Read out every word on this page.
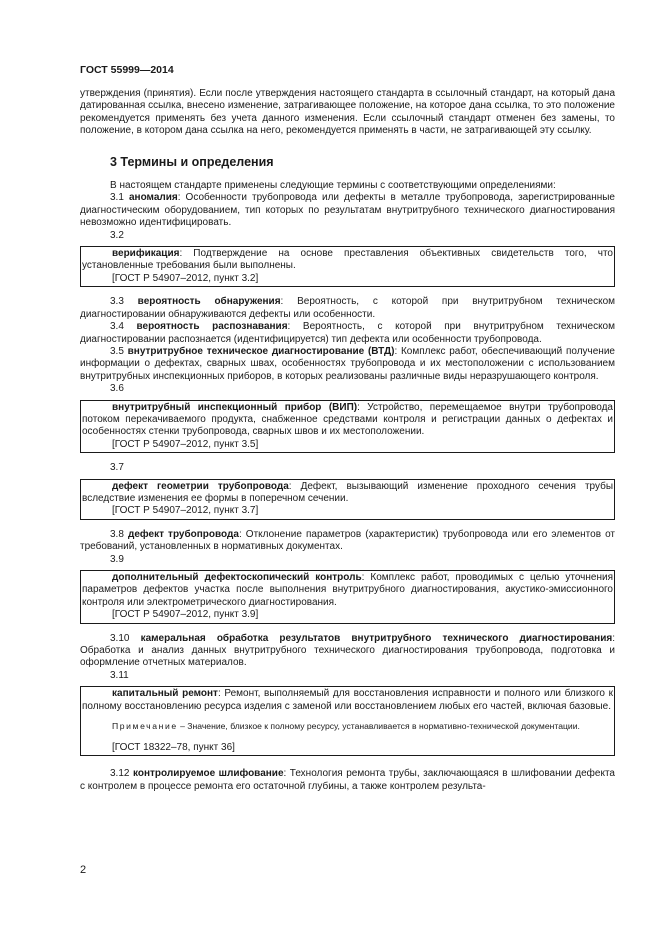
ГОСТ 55999—2014

утверждения (принятия). Если после утверждения настоящего стандарта в ссылочный стандарт, на который дана датированная ссылка, внесено изменение, затрагивающее положение, на которое дана ссылка, то это положение рекомендуется применять без учета данного изменения. Если ссылочный стандарт отменен без замены, то положение, в котором дана ссылка на него, рекомендуется применять в части, не затрагивающей эту ссылку.

3 Термины и определения

В настоящем стандарте применены следующие термины с соответствующими определениями:

3.1 аномалия: Особенности трубопровода или дефекты в металле трубопровода, зарегистрированные диагностическим оборудованием, тип которых по результатам внутритрубного технического диагностирования невозможно идентифицировать.

3.2

верификация: Подтверждение на основе преставления объективных свидетельств того, что установленные требования были выполнены.

[ГОСТ Р 54907–2012, пункт 3.2]

3.3 вероятность обнаружения: Вероятность, с которой при внутритрубном техническом диагностировании обнаруживаются дефекты или особенности.

3.4 вероятность распознавания: Вероятность, с которой при внутритрубном техническом диагностировании распознается (идентифицируется) тип дефекта или особенности трубопровода.

3.5 внутритрубное техническое диагностирование (ВТД): Комплекс работ, обеспечивающий получение информации о дефектах, сварных швах, особенностях трубопровода и их местоположении с использованием внутритрубных инспекционных приборов, в которых реализованы различные виды неразрушающего контроля.

3.6

внутритрубный инспекционный прибор (ВИП): Устройство, перемещаемое внутри трубопровода потоком перекачиваемого продукта, снабженное средствами контроля и регистрации данных о дефектах и особенностях стенки трубопровода, сварных швов и их местоположении.

[ГОСТ Р 54907–2012, пункт 3.5]

3.7

дефект геометрии трубопровода: Дефект, вызывающий изменение проходного сечения трубы вследствие изменения ее формы в поперечном сечении.

[ГОСТ Р 54907–2012, пункт 3.7]

3.8 дефект трубопровода: Отклонение параметров (характеристик) трубопровода или его элементов от требований, установленных в нормативных документах.

3.9

дополнительный дефектоскопический контроль: Комплекс работ, проводимых с целью уточнения параметров дефектов участка после выполнения внутритрубного диагностирования, акустико-эмиссионного контроля или электрометрического диагностирования.

[ГОСТ Р 54907–2012, пункт 3.9]

3.10 камеральная обработка результатов внутритрубного технического диагностирования: Обработка и анализ данных внутритрубного технического диагностирования трубопровода, подготовка и оформление отчетных материалов.

3.11

капитальный ремонт: Ремонт, выполняемый для восстановления исправности и полного или близкого к полному восстановлению ресурса изделия с заменой или восстановлением любых его частей, включая базовые.

Примечание – Значение, близкое к полному ресурсу, устанавливается в нормативно-технической документации.

[ГОСТ 18322–78, пункт 36]

3.12 контролируемое шлифование: Технология ремонта трубы, заключающаяся в шлифовании дефекта с контролем в процессе ремонта его остаточной глубины, а также контролем результа-

2
